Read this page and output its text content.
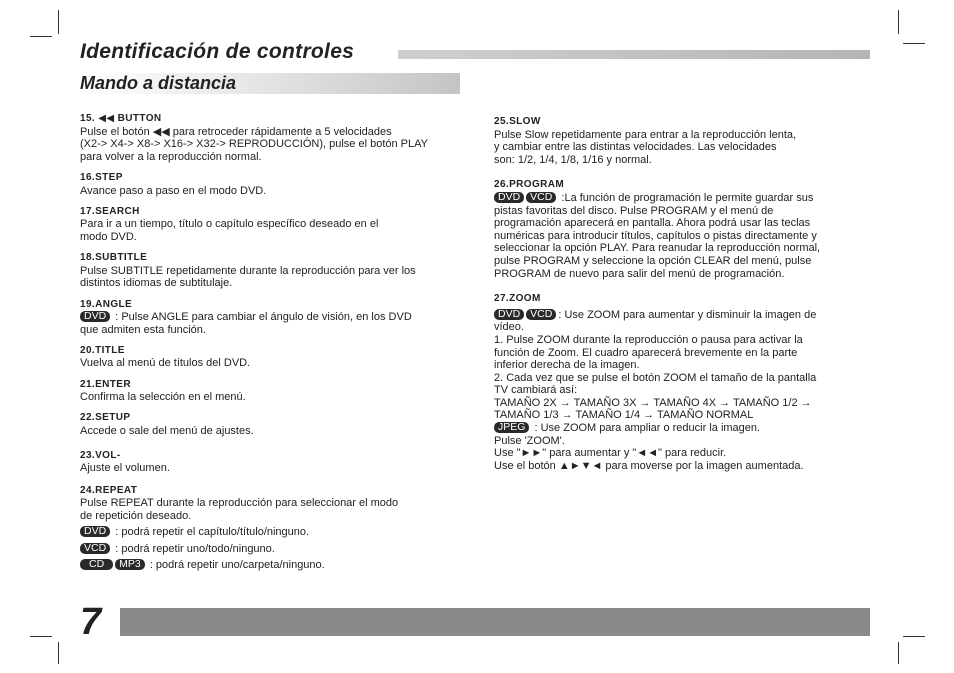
Identificación de controles
Mando a distancia
15. ◀◀ BUTTON
Pulse el botón ◀◀ para retroceder rápidamente a 5 velocidades
(X2-> X4-> X8-> X16-> X32-> REPRODUCCIÓN), pulse el botón PLAY
para volver a la reproducción normal.
16.STEP
Avance paso a paso en el modo DVD.
17.SEARCH
Para ir a un tiempo, título o capítulo específico deseado en el
modo DVD.
18.SUBTITLE
Pulse SUBTITLE repetidamente durante la reproducción para ver los
distintos idiomas de subtitulaje.
19.ANGLE
DVD : Pulse ANGLE para cambiar el ángulo de visión, en los DVD
que admiten esta función.
20.TITLE
Vuelva al menú de títulos del DVD.
21.ENTER
Confirma la selección en el menú.
22.SETUP
Accede o sale del menú de ajustes.
23.VOL-
Ajuste el volumen.
24.REPEAT
Pulse REPEAT durante la reproducción para seleccionar el modo
de repetición deseado.
DVD : podrá repetir el capítulo/título/ninguno.
VCD : podrá repetir uno/todo/ninguno.
CD MP3 : podrá repetir uno/carpeta/ninguno.
25.SLOW
Pulse Slow repetidamente para entrar a la reproducción lenta,
y cambiar entre las distintas velocidades. Las velocidades
son: 1/2, 1/4, 1/8, 1/16 y normal.
26.PROGRAM
DVD VCD :La función de programación le permite guardar sus
pistas favoritas del disco. Pulse PROGRAM y el menú de
programación aparecerá en pantalla. Ahora podrá usar las teclas
numéricas para introducir títulos, capítulos o pistas directamente y
seleccionar la opción PLAY. Para reanudar la reproducción normal,
pulse PROGRAM y seleccione la opción CLEAR del menú, pulse
PROGRAM de nuevo para salir del menú de programación.
27.ZOOM
DVD VCD : Use ZOOM para aumentar y disminuir la imagen de
vídeo.
1. Pulse ZOOM durante la reproducción o pausa para activar la
función de Zoom. El cuadro aparecerá brevemente en la parte
inferior derecha de la imagen.
2. Cada vez que se pulse el botón ZOOM el tamaño de la pantalla
TV cambiará así:
TAMAÑO 2X → TAMAÑO 3X → TAMAÑO 4X → TAMAÑO 1/2 →
TAMAÑO 1/3 → TAMAÑO 1/4 → TAMAÑO NORMAL
JPEG : Use ZOOM para ampliar o reducir la imagen.
Pulse 'ZOOM'.
Use "►►" para aumentar y "◄◄" para reducir.
Use el botón ▲►▼◄ para moverse por la imagen aumentada.
7
